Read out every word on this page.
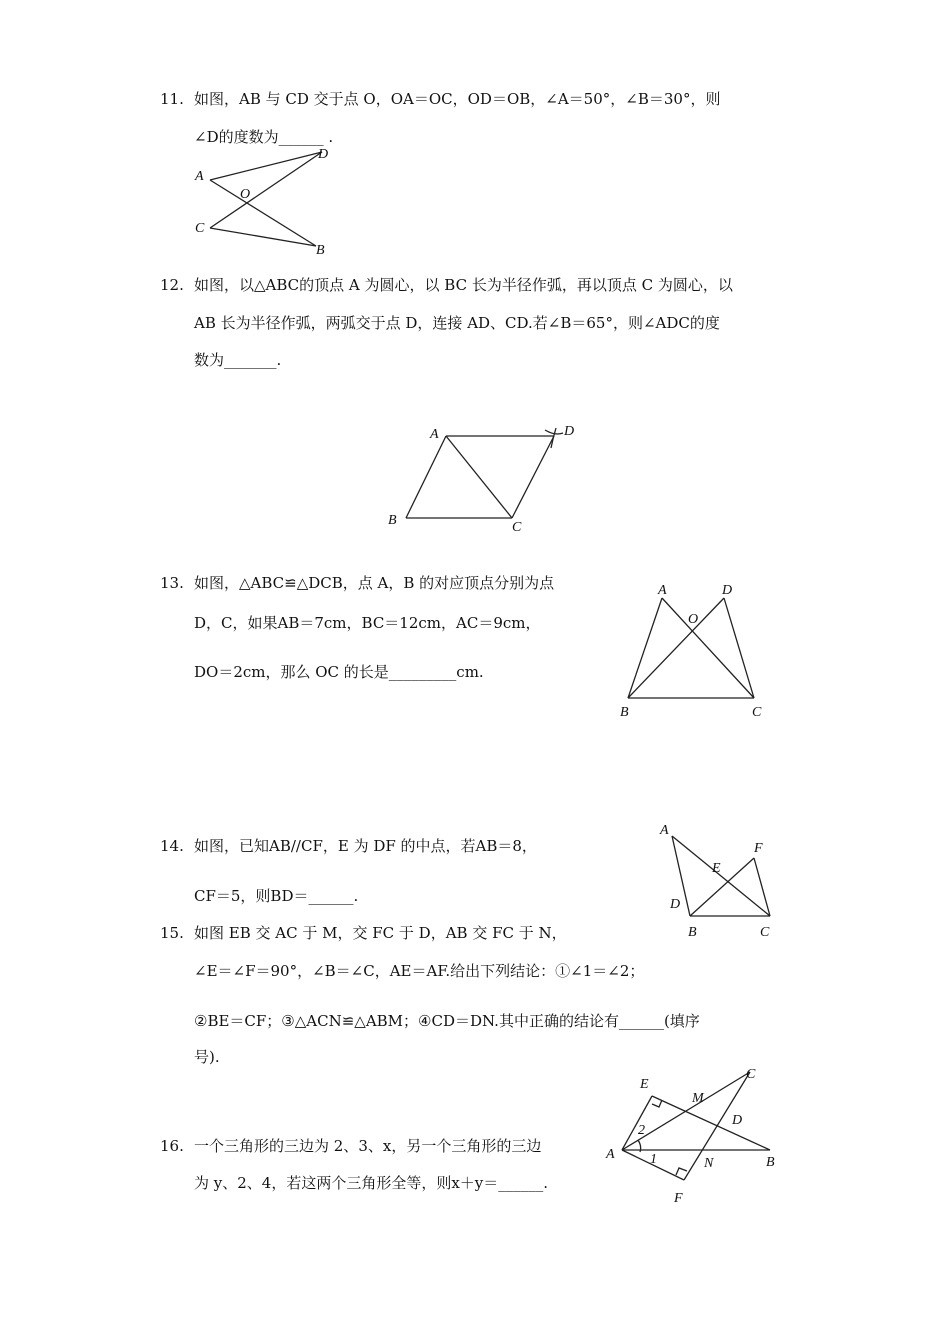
11. 如图，AB 与 CD 交于点 O，OA＝OC，OD＝OB，∠A＝50°，∠B＝30°，则
∠D的度数为______ .
A
O
C
D
B
12. 如图，以△ABC的顶点 A 为圆心，以 BC 长为半径作弧，再以顶点 C 为圆心，以
AB 长为半径作弧，两弧交于点 D，连接 AD、CD.若∠B＝65°，则∠ADC的度
数为_______.
A	D
B	C
13. 如图，△ABC≌△DCB，点 A，B 的对应顶点分别为点
D，C，如果AB＝7cm，BC＝12cm，AC＝9cm，
DO＝2cm，那么 OC 的长是_________cm.
A	D
O
B	C
14. 如图，已知AB//CF，E 为 DF 的中点，若AB＝8，
CF＝5，则BD＝______.
A
F
E
D
B	C
15. 如图 EB 交 AC 于 M，交 FC 于 D，AB 交 FC 于 N，
∠E＝∠F＝90°，∠B＝∠C，AE＝AF.给出下列结论：①∠1＝∠2；
②BE＝CF；③△ACN≌△ABM；④CD＝DN.其中正确的结论有______(填序
号).
E
M
C
2
D
A	1	N	B
F
16. 一个三角形的三边为 2、3、x，另一个三角形的三边
为 y、2、4，若这两个三角形全等，则x＋y＝______.
